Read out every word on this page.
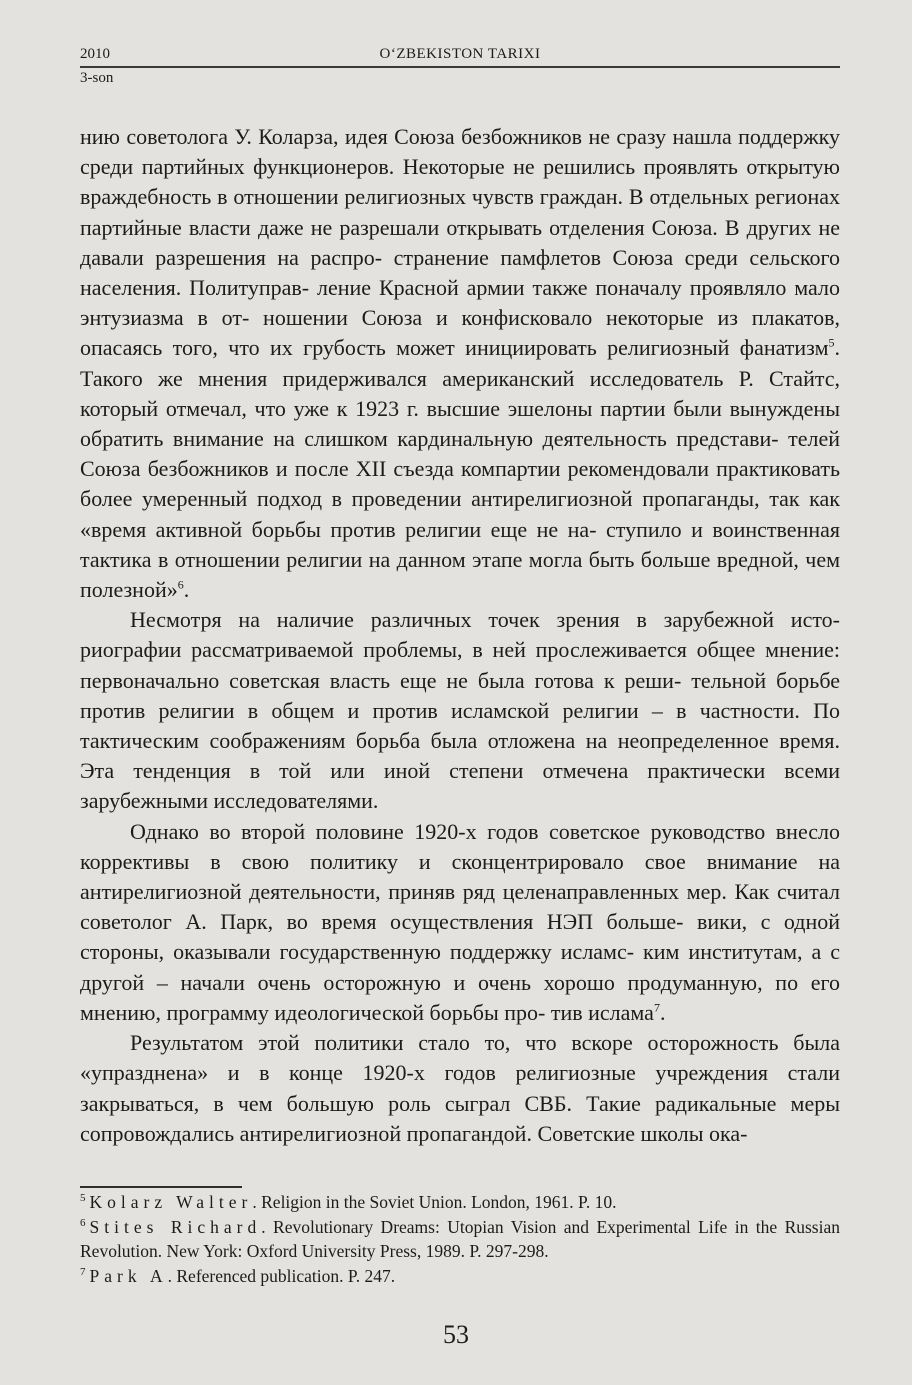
2010	O‘ZBEKISTON TARIXI
3-son

нию советолога У. Коларза, идея Союза безбожников не сразу нашла поддержку среди партийных функционеров. Некоторые не решились проявлять открытую враждебность в отношении религиозных чувств граждан. В отдельных регионах партийные власти даже не разрешали открывать отделения Союза. В других не давали разрешения на распро- странение памфлетов Союза среди сельского населения. Политуправ- ление Красной армии также поначалу проявляло мало энтузиазма в от- ношении Союза и конфисковало некоторые из плакатов, опасаясь того, что их грубость может инициировать религиозный фанатизм$^5$. Такого же мнения придерживался американский исследователь Р. Стайтс, который отмечал, что уже к 1923 г. высшие эшелоны партии были вынуждены обратить внимание на слишком кардинальную деятельность представи- телей Союза безбожников и после XII съезда компартии рекомендовали практиковать более умеренный подход в проведении антирелигиозной пропаганды, так как «время активной борьбы против религии еще не на- ступило и воинственная тактика в отношении религии на данном этапе могла быть больше вредной, чем полезной»$^6$.

Несмотря на наличие различных точек зрения в зарубежной исто- риографии рассматриваемой проблемы, в ней прослеживается общее мнение: первоначально советская власть еще не была готова к реши- тельной борьбе против религии в общем и против исламской религии – в частности. По тактическим соображениям борьба была отложена на неопределенное время. Эта тенденция в той или иной степени отмечена практически всеми зарубежными исследователями.

Однако во второй половине 1920-х годов советское руководство внесло коррективы в свою политику и сконцентрировало свое внимание на антирелигиозной деятельности, приняв ряд целенаправленных мер. Как считал советолог А. Парк, во время осуществления НЭП больше- вики, с одной стороны, оказывали государственную поддержку исламс- ким институтам, а с другой – начали очень осторожную и очень хорошо продуманную, по его мнению, программу идеологической борьбы про- тив ислама$^7$.

Результатом этой политики стало то, что вскоре осторожность была «упразднена» и в конце 1920-х годов религиозные учреждения стали закрываться, в чем большую роль сыграл СВБ. Такие радикальные меры сопровождались антирелигиозной пропагандой. Советские школы ока-

$^5$ Kolarz Walter. Religion in the Soviet Union. London, 1961. P. 10.

$^6$ Stites Richard. Revolutionary Dreams: Utopian Vision and Experimental Life in the Russian Revolution. New York: Oxford University Press, 1989. P. 297-298.

$^7$ Park A. Referenced publication. P. 247.

53
